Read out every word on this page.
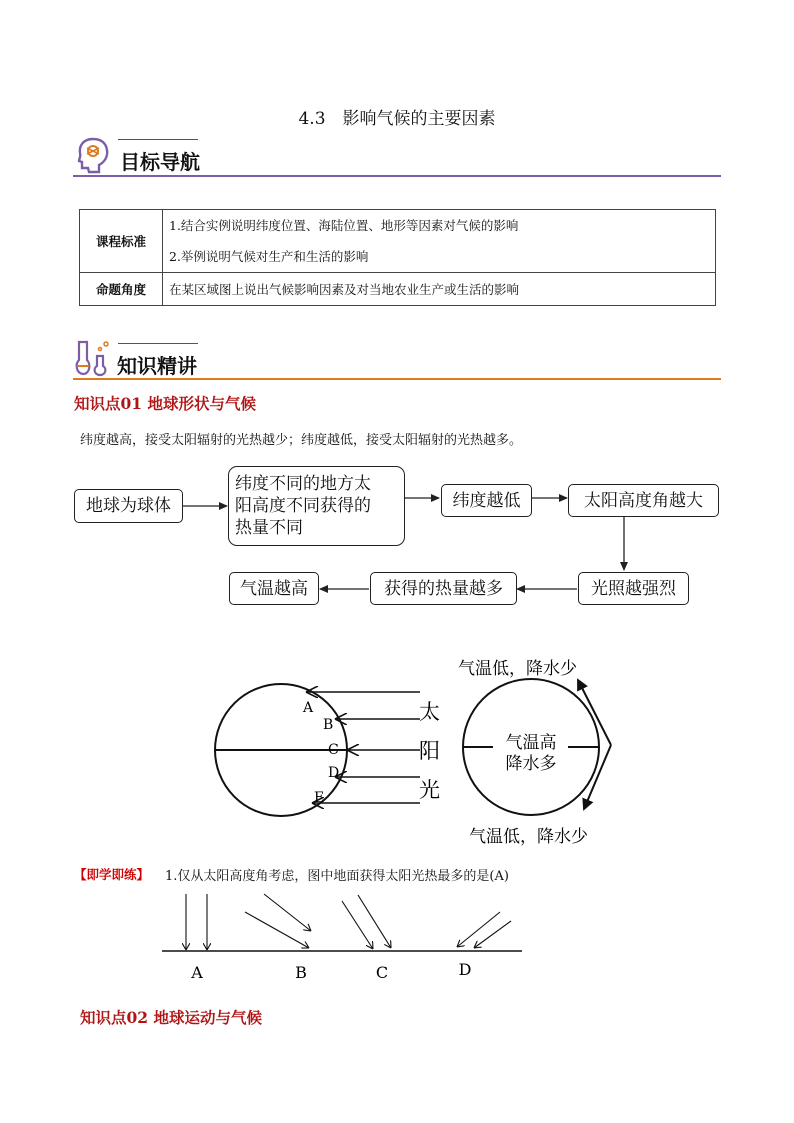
4.3　影响气候的主要因素
目标导航
课程标准	1.结合实例说明纬度位置、海陆位置、地形等因素对气候的影响
2.举例说明气候对生产和生活的影响

命题角度	在某区域图上说出气候影响因素及对当地农业生产或生活的影响
知识精讲
知识点01 地球形状与气候
纬度越高，接受太阳辐射的光热越少；纬度越低，接受太阳辐射的光热越多。
地球为球体
纬度不同的地方太
阳高度不同获得的
热量不同
纬度越低	太阳高度角越大
光照越强烈
获得的热量越多
气温越高
A
B
C
D
E
太
阳
光
气温高
降水多
气温低，降水少
气温低，降水少
【即学即练】 1.仅从太阳高度角考虑，图中地面获得太阳光热最多的是(A)
A	B	C	D
知识点02 地球运动与气候
